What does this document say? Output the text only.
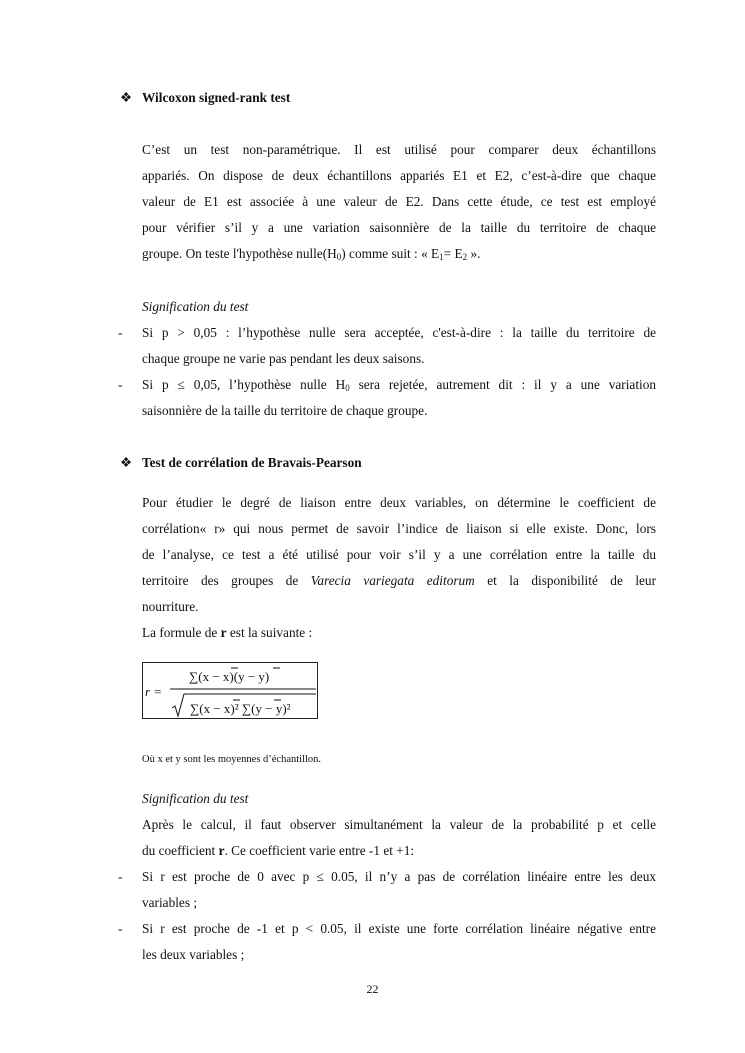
❖ Wilcoxon signed-rank test
C’est un test non-paramétrique. Il est utilisé pour comparer deux échantillons
appariés. On dispose de deux échantillons appariés E1 et E2, c’est-à-dire que chaque
valeur de E1 est associée à une valeur de E2. Dans cette étude, ce test est employé
pour vérifier s’il y a une variation saisonnière de la taille du territoire de chaque
groupe. On teste l'hypothèse $nulle(H_0)$ comme suit : « $E_1= E_2$ ».
Signification du test
- Si p > 0,05 : l’hypothèse nulle sera acceptée, c'est-à-dire : la taille du territoire de
chaque groupe ne varie pas pendant les deux saisons.
- Si p ≤ 0,05, l’hypothèse nulle $H_0$ sera rejetée, autrement dit : il y a une variation
saisonnière de la taille du territoire de chaque groupe.
❖ Test de corrélation de Bravais-Pearson
Pour étudier le degré de liaison entre deux variables, on détermine le coefficient de
corrélation« r» qui nous permet de savoir l’indice de liaison si elle existe. Donc, lors
de l’analyse, ce test a été utilisé pour voir s’il y a une corrélation entre la taille du
territoire des groupes de Varecia variegata editorum et la disponibilité de leur
nourriture.
La formule de r est la suivante :
r =
∑(x − x)(y − y)
∑(x − x)² ∑(y − y)²
Où x et y sont les moyennes d’échantillon.
Signification du test
Après le calcul, il faut observer simultanément la valeur de la probabilité p et celle
du coefficient r. Ce coefficient varie entre -1 et +1:
- Si r est proche de 0 avec p ≤ 0.05, il n’y a pas de corrélation linéaire entre les deux
variables ;
- Si r est proche de -1 et p < 0.05, il existe une forte corrélation linéaire négative entre
les deux variables ;
22
